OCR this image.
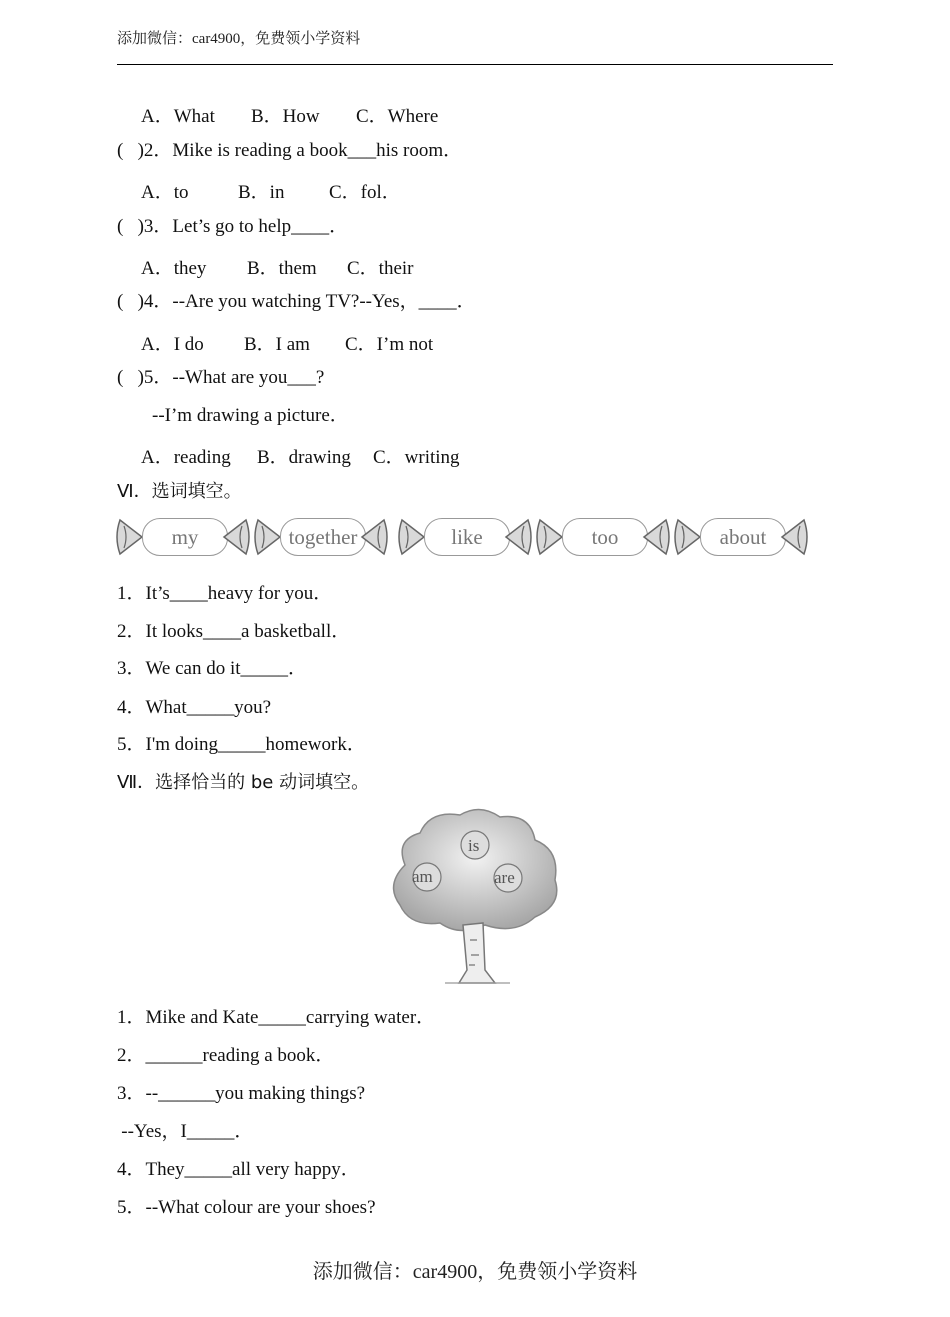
添加微信：car4900，免费领小学资料
A．What B．How C．Where
(   )2．Mike is reading a book___his room．
A．to	B．in C．fol．
(   )3．Let’s go to help____．
A．they B．them C．their
(   )4．--Are you watching TV?--Yes，____．
A．I do B．I am C．I’m not
(   )5．--What are you___?
--I’m drawing a picture．
A．reading B．drawing C．writing
Ⅵ．选词填空。
my	together	like	too	about
1．It’s____heavy for you．
2．It looks____a basketball．
3．We can do it_____．
4．What_____you?
5．I'm doing_____homework．
Ⅶ．选择恰当的 be 动词填空。
is
am	are
1．Mike and Kate_____carrying water．
2．______reading a book．
3．--______you making things?
--Yes，I_____．
4．They_____all very happy．
5．--What colour are your shoes?
添加微信：car4900，免费领小学资料
